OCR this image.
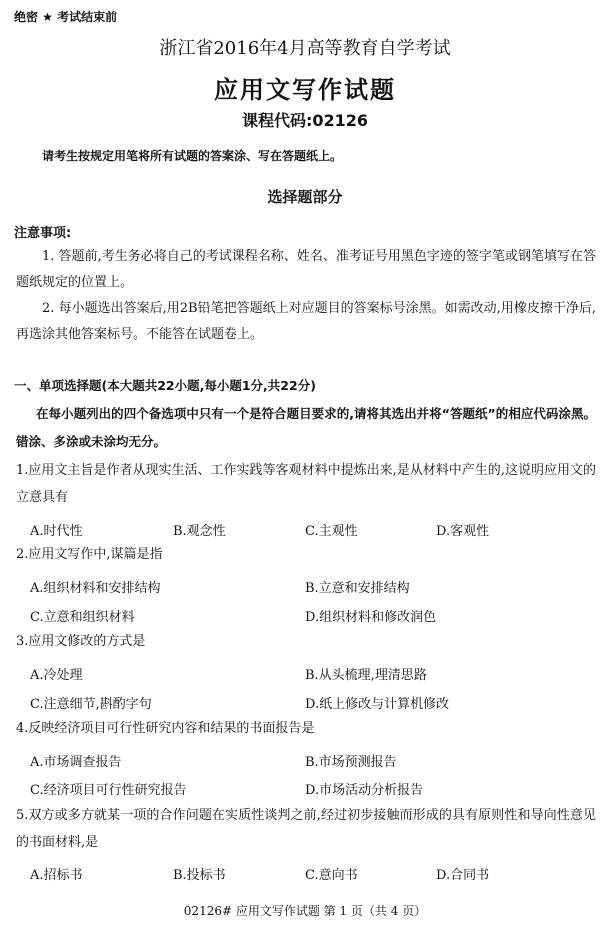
绝密 ★ 考试结束前
浙江省2016年4月高等教育自学考试
应用文写作试题
课程代码:02126
请考生按规定用笔将所有试题的答案涂、写在答题纸上。
选择题部分
注意事项:

1. 答题前,考生务必将自己的考试课程名称、姓名、准考证号用黑色字迹的签字笔或钢笔填写在答题纸规定的位置上。

2. 每小题选出答案后,用2B铅笔把答题纸上对应题目的答案标号涂黑。如需改动,用橡皮擦干净后,再选涂其他答案标号。不能答在试题卷上。

一、单项选择题(本大题共22小题,每小题1分,共22分)

在每小题列出的四个备选项中只有一个是符合题目要求的,请将其选出并将“答题纸”的相应代码涂黑。错涂、多涂或未涂均无分。

1.应用文主旨是作者从现实生活、工作实践等客观材料中提炼出来,是从材料中产生的,这说明应用文的立意具有

A.时代性	B.观念性	C.主观性	D.客观性

2.应用文写作中,谋篇是指

A.组织材料和安排结构	B.立意和安排结构
C.立意和组织材料	D.组织材料和修改润色

3.应用文修改的方式是

A.冷处理	B.从头梳理,理清思路
C.注意细节,斟酌字句	D.纸上修改与计算机修改

4.反映经济项目可行性研究内容和结果的书面报告是

A.市场调查报告	B.市场预测报告
C.经济项目可行性研究报告	D.市场活动分析报告

5.双方或多方就某一项的合作问题在实质性谈判之前,经过初步接触而形成的具有原则性和导向性意见的书面材料,是

A.招标书	B.投标书	C.意向书	D.合同书
02126# 应用文写作试题 第 1 页（共 4 页）
